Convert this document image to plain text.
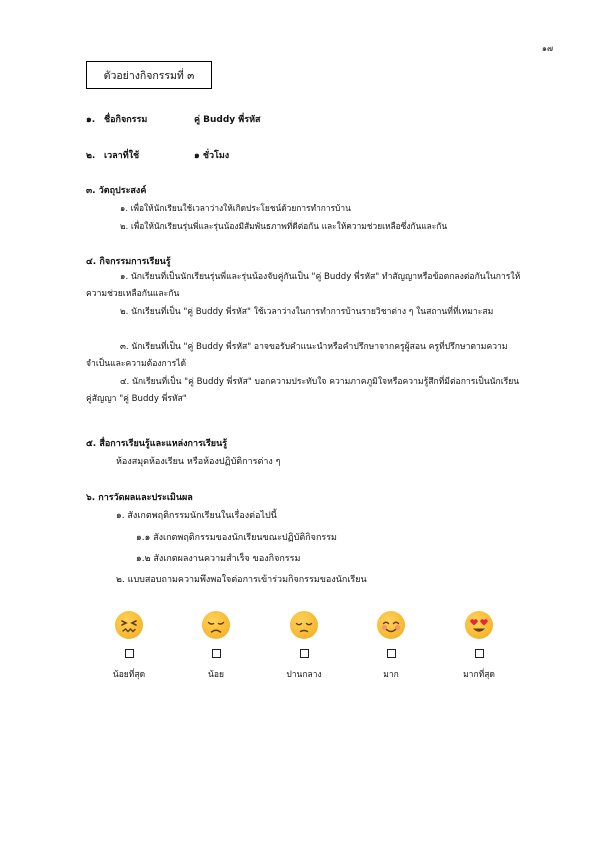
๑๗
ตัวอย่างกิจกรรมที่ ๓
๑. ชื่อกิจกรรม	คู่ Buddy พี่รหัส
๒. เวลาที่ใช้	๑ ชั่วโมง
๓. วัตถุประสงค์
๑. เพื่อให้นักเรียนใช้เวลาว่างให้เกิดประโยชน์ด้วยการทำการบ้าน
๒. เพื่อให้นักเรียนรุ่นพี่และรุ่นน้องมีสัมพันธภาพที่ดีต่อกัน และให้ความช่วยเหลือซึ่งกันและกัน
๔. กิจกรรมการเรียนรู้
๑. นักเรียนที่เป็นนักเรียนรุ่นพี่และรุ่นน้องจับคู่กันเป็น "คู่ Buddy พี่รหัส" ทำสัญญาหรือข้อตกลงต่อกันในการให้ความช่วยเหลือกันและกัน
๒. นักเรียนที่เป็น "คู่ Buddy พี่รหัส" ใช้เวลาว่างในการทำการบ้านรายวิชาต่าง ๆ ในสถานที่ที่เหมาะสม
๓. นักเรียนที่เป็น "คู่ Buddy พี่รหัส" อาจขอรับคำแนะนำหรือคำปรึกษาจากครูผู้สอน ครูที่ปรึกษาตามความจำเป็นและความต้องการได้
๔. นักเรียนที่เป็น "คู่ Buddy พี่รหัส" บอกความประทับใจ ความภาคภูมิใจหรือความรู้สึกที่มีต่อการเป็นนักเรียนคู่สัญญา "คู่ Buddy พี่รหัส"
๕. สื่อการเรียนรู้และแหล่งการเรียนรู้
ห้องสมุดห้องเรียน หรือห้องปฏิบัติการต่าง ๆ
๖. การวัดผลและประเมินผล
๑. สังเกตพฤติกรรมนักเรียนในเรื่องต่อไปนี้
๑.๑ สังเกตพฤติกรรมของนักเรียนขณะปฏิบัติกิจกรรม
๑.๒ สังเกตผลงานความสำเร็จ ของกิจกรรม
๒. แบบสอบถามความพึงพอใจต่อการเข้าร่วมกิจกรรมของนักเรียน
น้อยที่สุด	น้อย	ปานกลาง	มาก	มากที่สุด
